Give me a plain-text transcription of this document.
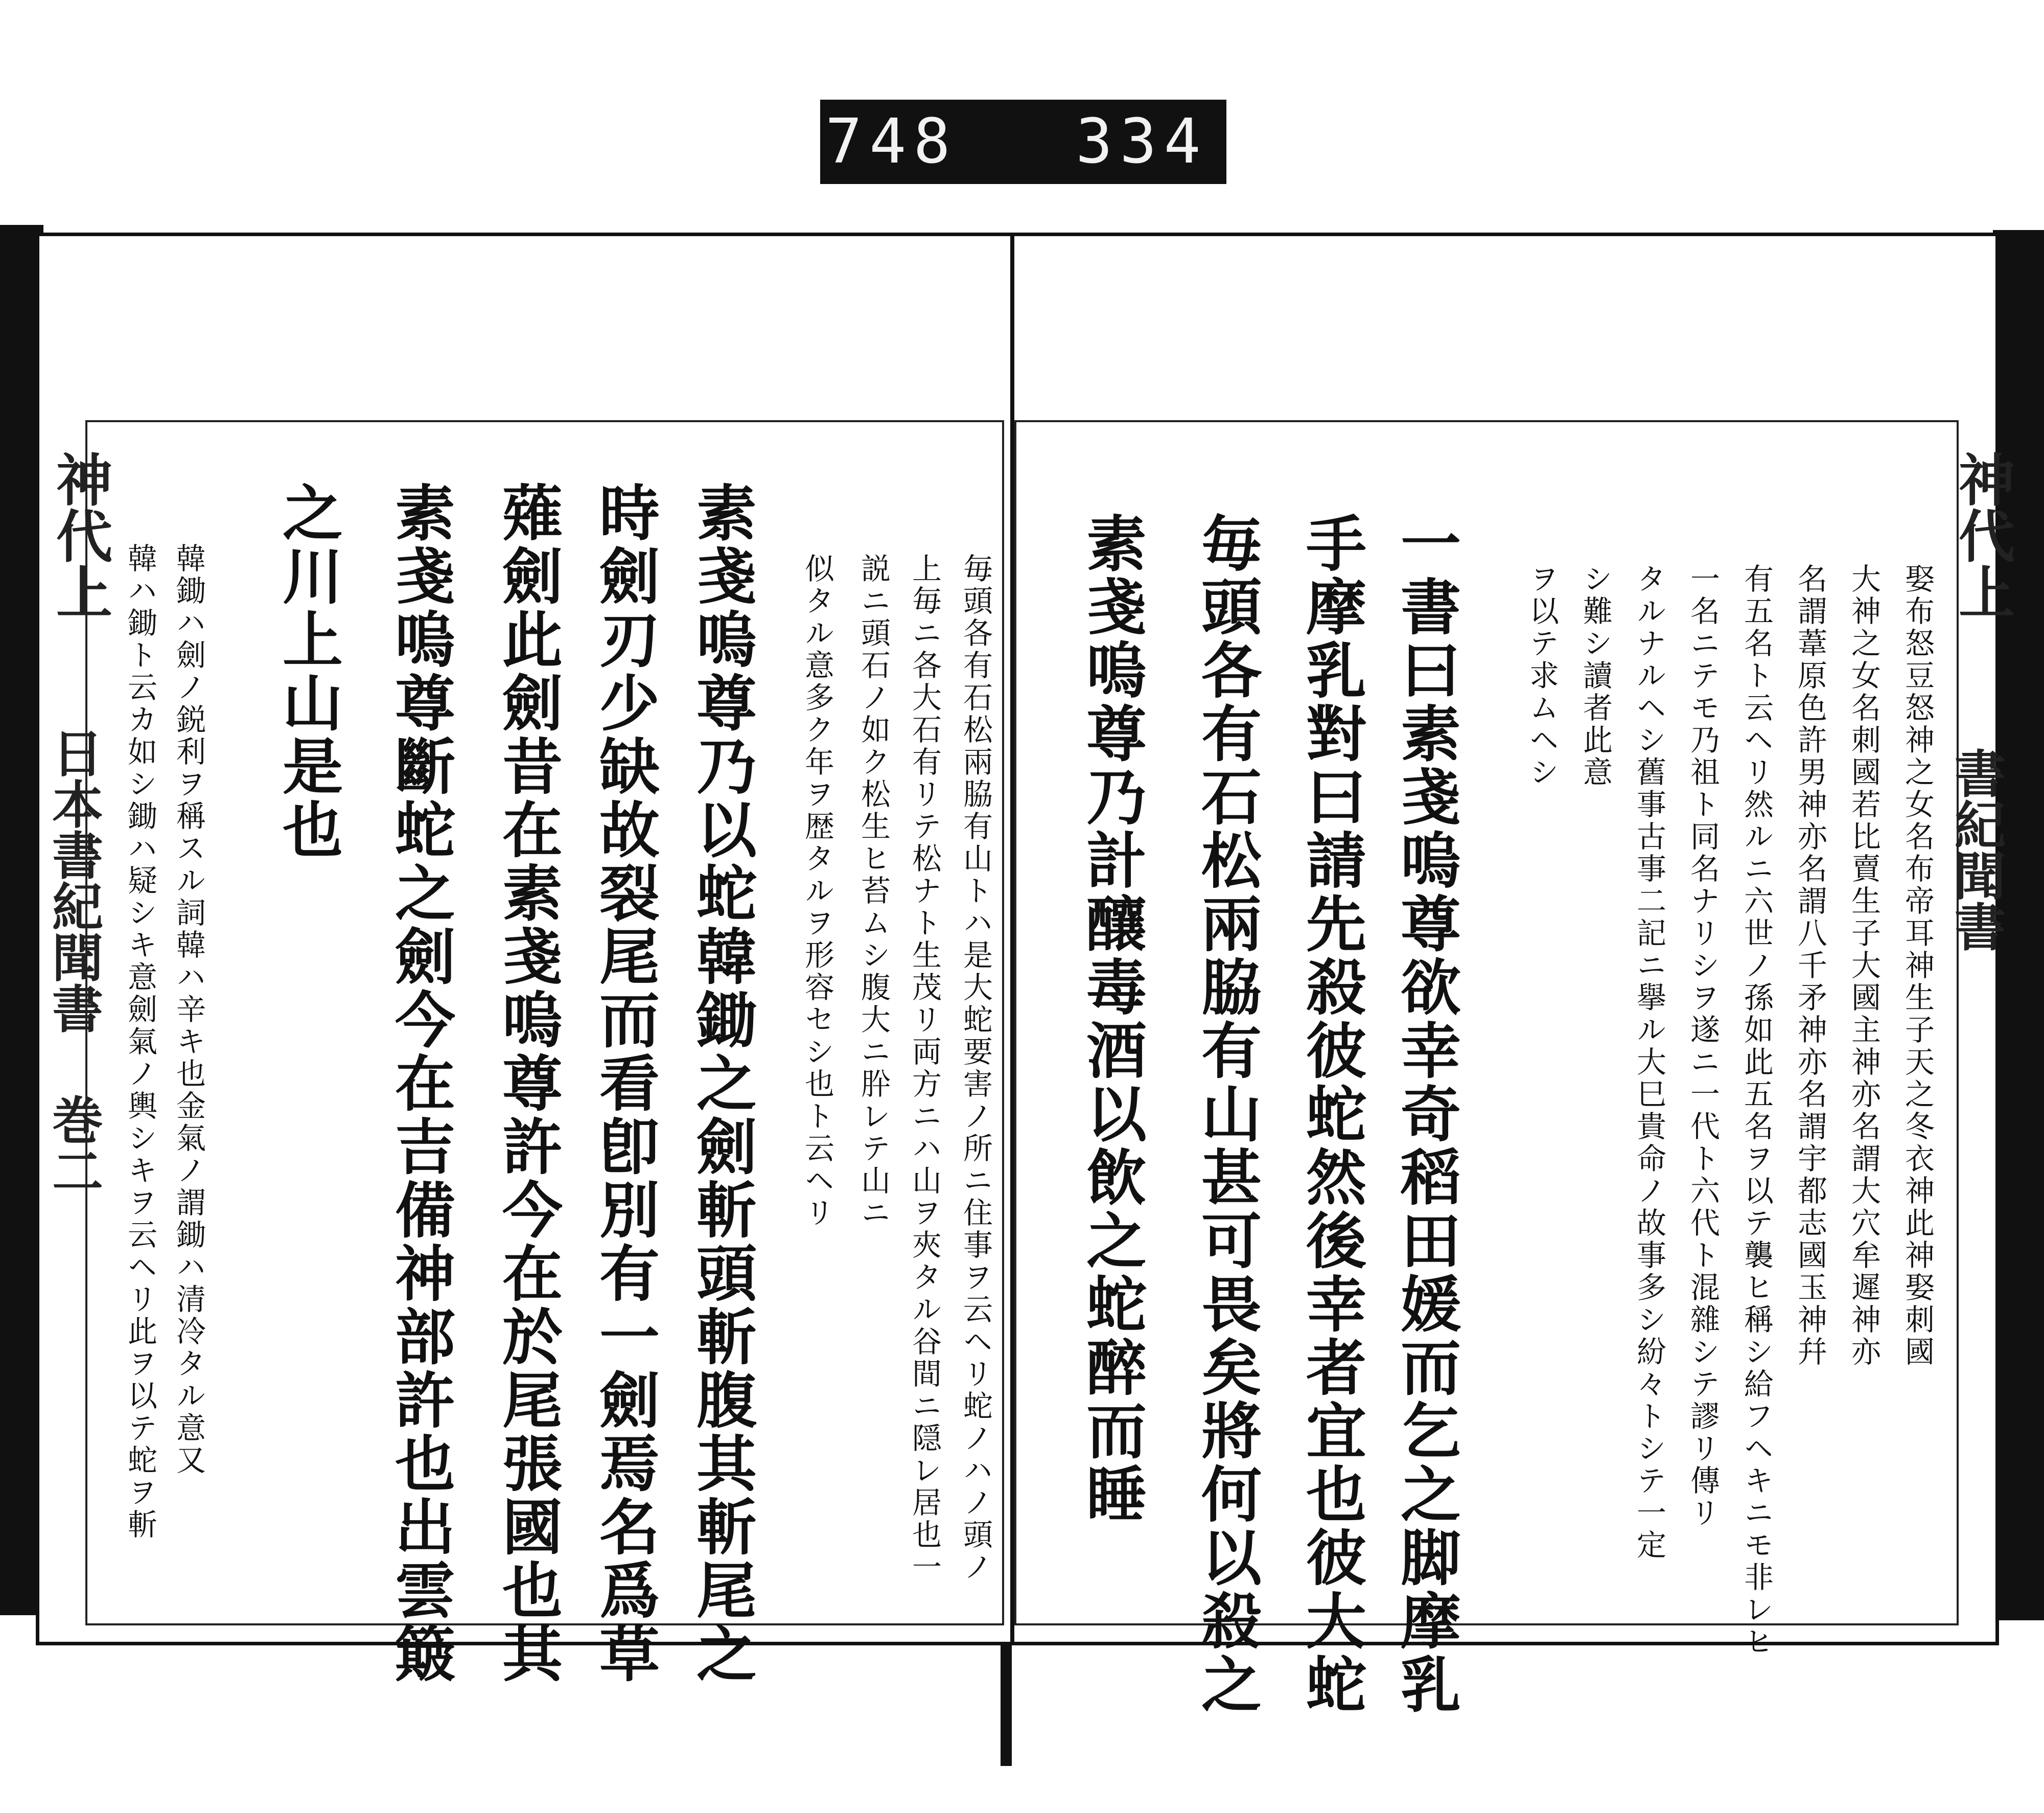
748 334
神代上
日本書紀聞書 巻二 韓鋤ハ劍ノ鋭利ヲ稱スル詞韓ハ辛キ也金氣ノ謂鋤ハ清冷タル意又
韓ハ鋤ト云カ如シ鋤ハ疑シキ意劍氣ノ輿シキヲ云ヘリ此ヲ以テ蛇ヲ斬	素戔嗚尊乃以蛇韓鋤之劍斬頭斬腹其斬尾之
時劍刃少缺故裂尾而看卽別有一劍焉名爲草
薙劍此劍昔在素戔嗚尊許今在於尾張國也其
素戔嗚尊斷蛇之劍今在吉備神部許也出雲簸
之川上山是也	毎頭各有石松兩脇有山トハ是大蛇要害ノ所ニ住事ヲ云ヘリ蛇ノハノ頭ノ
上毎ニ各大石有リテ松ナト生茂リ両方ニハ山ヲ夾タル谷間ニ隠レ居也一
説ニ頭石ノ如ク松生ヒ苔ムシ腹大ニ肸レテ山ニ
似タル意多ク年ヲ歴タルヲ形容セシ也ト云ヘリ
神代上
書紀聞書
娶布怒豆怒神之女名布帝耳神生子天之冬衣神此神娶刺國
大神之女名刺國若比賣生子大國主神亦名謂大穴牟遲神亦
名謂葦原色許男神亦名謂八千矛神亦名謂宇都志國玉神幷
有五名ト云ヘリ然ルニ六世ノ孫如此五名ヲ以テ襲ヒ稱シ給フヘキニモ非レヒ
一名ニテモ乃祖ト同名ナリシヲ遂ニ一代ト六代ト混雜シテ謬リ傳リ
タルナルヘシ舊事古事二記ニ擧ル大巳貴命ノ故事多シ紛々トシテ一定
シ難シ讀者此意
ヲ以テ求ムヘシ
一書曰素戔嗚尊欲幸奇稻田媛而乞之脚摩乳
手摩乳對曰請先殺彼蛇然後幸者宜也彼大蛇
毎頭各有石松兩脇有山甚可畏矣將何以殺之
素戔嗚尊乃計釀毒酒以飲之蛇醉而睡
